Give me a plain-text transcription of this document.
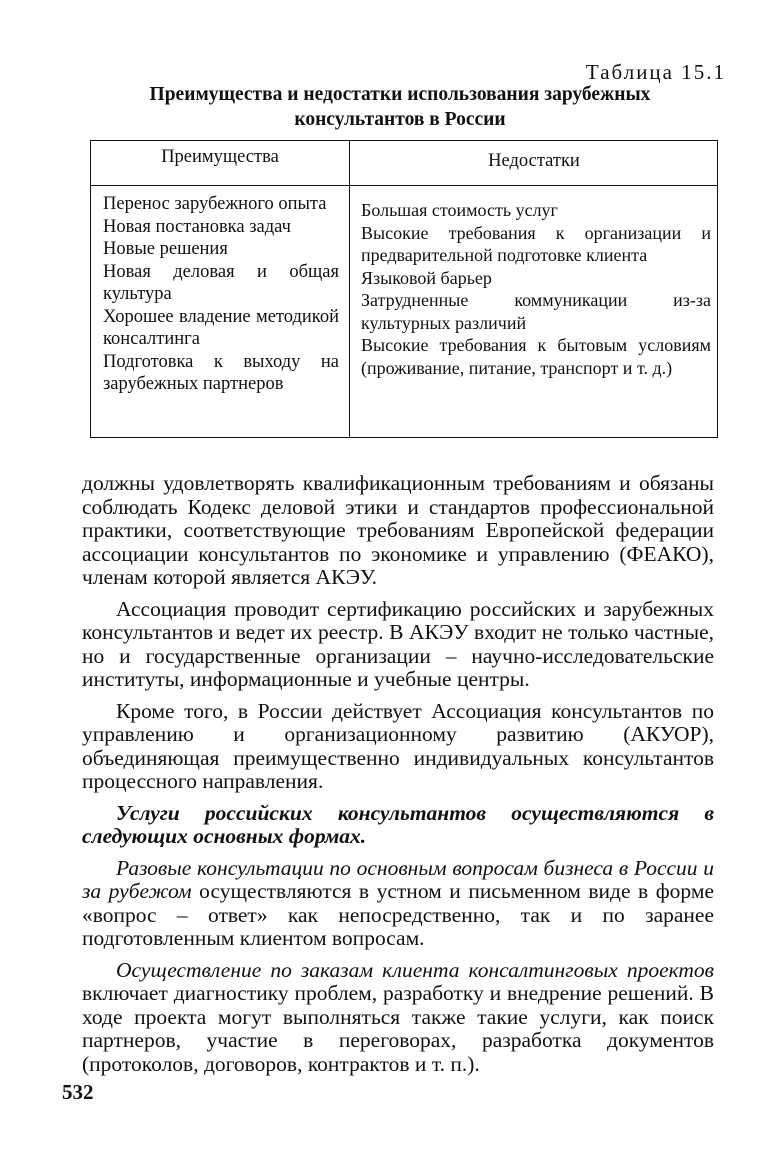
Таблица 15.1
Преимущества и недостатки использования зарубежных консультантов в России
Преимущества	Недостатки
Перенос зарубежного опыта
Новая постановка задач
Новые решения
Новая деловая и общая культура
Хорошее владение методикой консалтинга
Подготовка к выходу на зарубежных партнеров
Большая стоимость услуг
Высокие требования к организации и предварительной подготовке клиента
Языковой барьер
Затрудненные коммуникации из-за культурных различий
Высокие требования к бытовым условиям (проживание, питание, транспорт и т. д.)

должны удовлетворять квалификационным требованиям и обязаны соблюдать Кодекс деловой этики и стандартов профессиональной практики, соответствующие требованиям Европейской федерации ассоциации консультантов по экономике и управлению (ФЕАКО), членам которой является АКЭУ.

Ассоциация проводит сертификацию российских и зарубежных консультантов и ведет их реестр. В АКЭУ входит не только частные, но и государственные организации – научно-исследовательские институты, информационные и учебные центры.

Кроме того, в России действует Ассоциация консультантов по управлению и организационному развитию (АКУОР), объединяющая преимущественно индивидуальных консультантов процессного направления.

Услуги российских консультантов осуществляются в следующих основных формах.

Разовые консультации по основным вопросам бизнеса в России и за рубежом осуществляются в устном и письменном виде в форме «вопрос – ответ» как непосредственно, так и по заранее подготовленным клиентом вопросам.

Осуществление по заказам клиента консалтинговых проектов включает диагностику проблем, разработку и внедрение решений. В ходе проекта могут выполняться также такие услуги, как поиск партнеров, участие в переговорах, разработка документов (протоколов, договоров, контрактов и т. п.).

532
